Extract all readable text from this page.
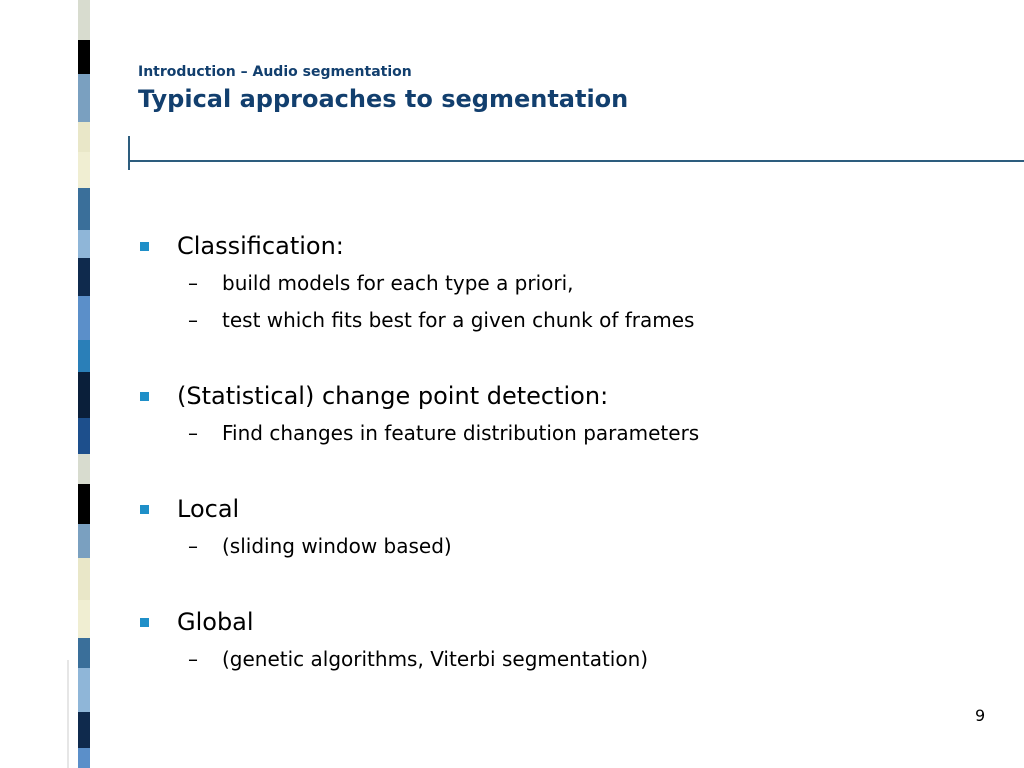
Introduction – Audio segmentation
Typical approaches to segmentation
Classification:
–	build models for each type a priori,
–	test which fits best for a given chunk of frames
(Statistical) change point detection:
–	Find changes in feature distribution parameters
Local
–	(sliding window based)
Global
–	(genetic algorithms, Viterbi segmentation)
9
